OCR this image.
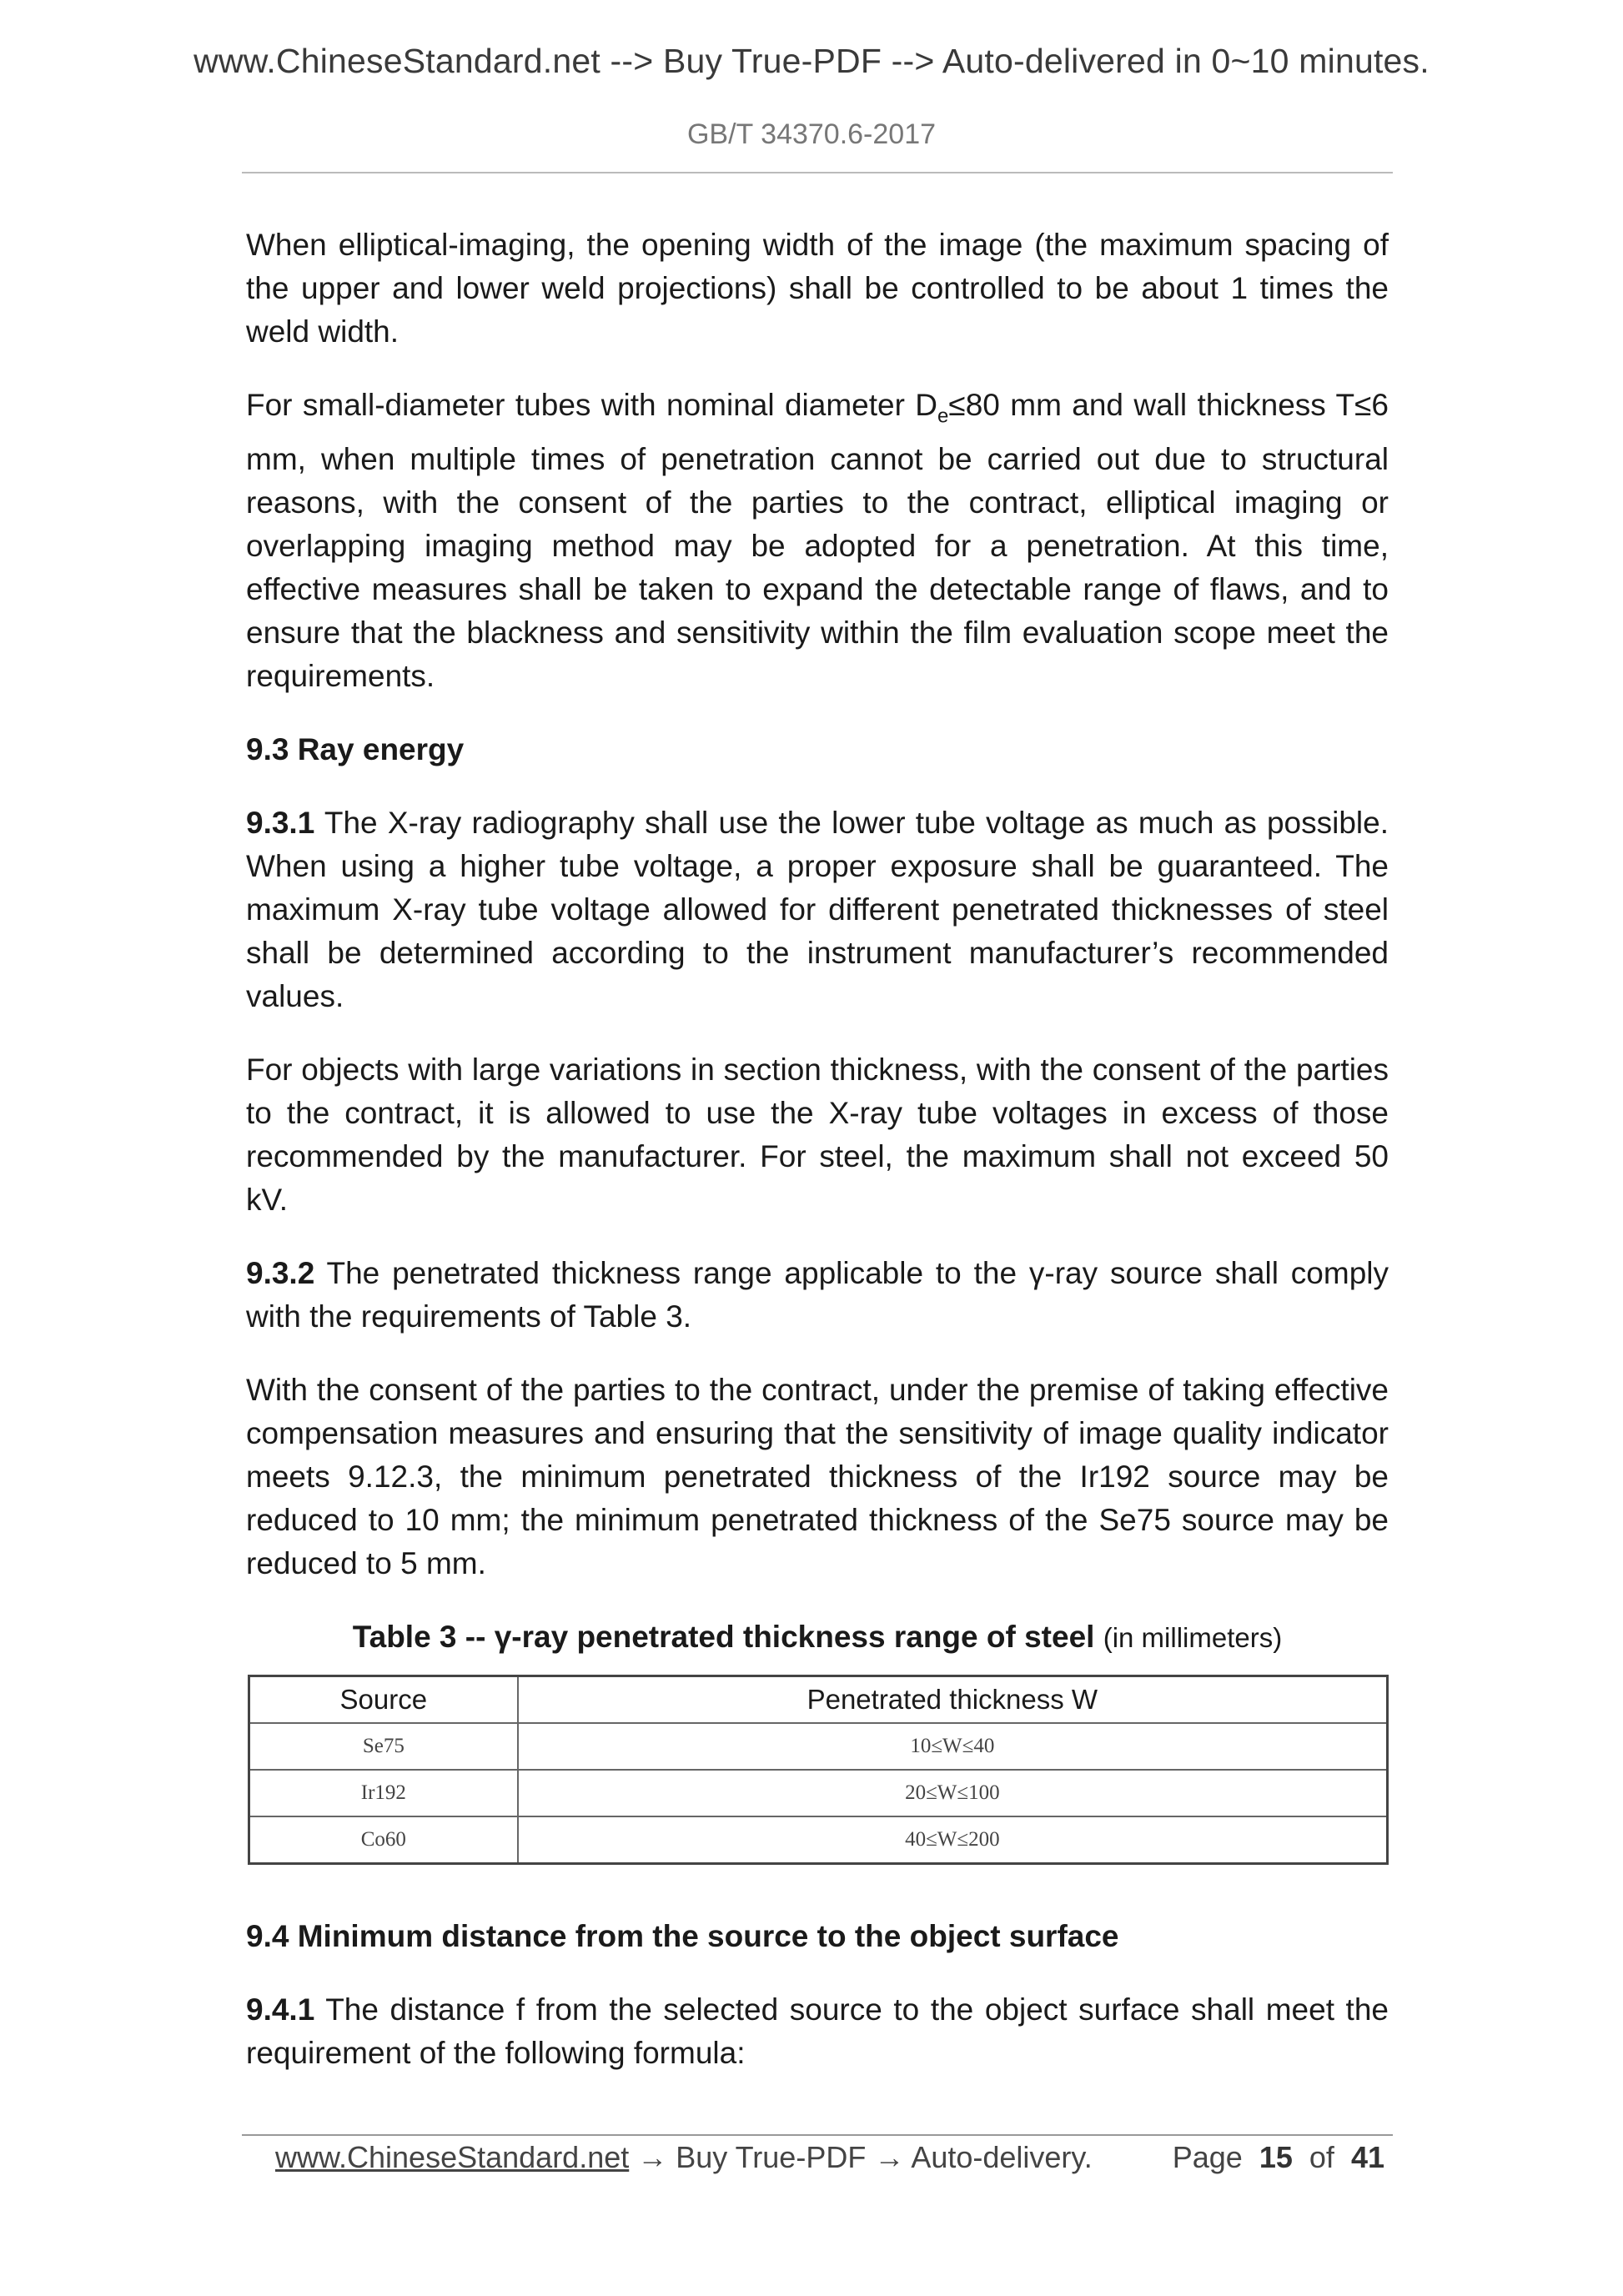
www.ChineseStandard.net --> Buy True-PDF --> Auto-delivered in 0~10 minutes.
GB/T 34370.6-2017

When elliptical-imaging, the opening width of the image (the maximum spacing of the upper and lower weld projections) shall be controlled to be about 1 times the weld width.

For small-diameter tubes with nominal diameter $D_e\le 80$ mm and wall thickness T≤6 mm, when multiple times of penetration cannot be carried out due to structural reasons, with the consent of the parties to the contract, elliptical imaging or overlapping imaging method may be adopted for a penetration. At this time, effective measures shall be taken to expand the detectable range of flaws, and to ensure that the blackness and sensitivity within the film evaluation scope meet the requirements.

9.3 Ray energy

9.3.1 The X-ray radiography shall use the lower tube voltage as much as possible. When using a higher tube voltage, a proper exposure shall be guaranteed. The maximum X-ray tube voltage allowed for different penetrated thicknesses of steel shall be determined according to the instrument manufacturer’s recommended values.

For objects with large variations in section thickness, with the consent of the parties to the contract, it is allowed to use the X-ray tube voltages in excess of those recommended by the manufacturer. For steel, the maximum shall not exceed 50 kV.

9.3.2 The penetrated thickness range applicable to the γ-ray source shall comply with the requirements of Table 3.

With the consent of the parties to the contract, under the premise of taking effective compensation measures and ensuring that the sensitivity of image quality indicator meets 9.12.3, the minimum penetrated thickness of the Ir192 source may be reduced to 10 mm; the minimum penetrated thickness of the Se75 source may be reduced to 5 mm.

Table 3 -- γ-ray penetrated thickness range of steel (in millimeters)
Source	Penetrated thickness W
Se75	10≤W≤40
Ir192	20≤W≤100
Co60	40≤W≤200
9.4 Minimum distance from the source to the object surface

9.4.1 The distance f from the selected source to the object surface shall meet the requirement of the following formula:

www.ChineseStandard.net → Buy True-PDF → Auto-delivery.	Page 15 of 41
